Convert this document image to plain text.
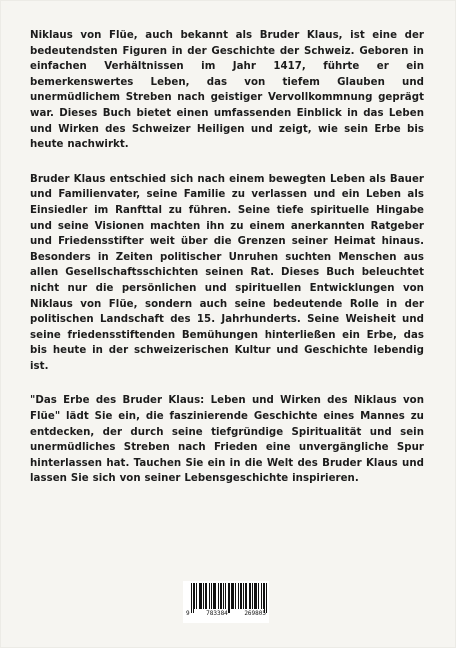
Niklaus von Flüe, auch bekannt als Bruder Klaus, ist eine der bedeutendsten Figuren in der Geschichte der Schweiz. Geboren in einfachen Verhältnissen im Jahr 1417, führte er ein bemerkenswertes Leben, das von tiefem Glauben und unermüdlichem Streben nach geistiger Vervollkommnung geprägt war. Dieses Buch bietet einen umfassenden Einblick in das Leben und Wirken des Schweizer Heiligen und zeigt, wie sein Erbe bis heute nachwirkt.

Bruder Klaus entschied sich nach einem bewegten Leben als Bauer und Familienvater, seine Familie zu verlassen und ein Leben als Einsiedler im Ranfttal zu führen. Seine tiefe spirituelle Hingabe und seine Visionen machten ihn zu einem anerkannten Ratgeber und Friedensstifter weit über die Grenzen seiner Heimat hinaus. Besonders in Zeiten politischer Unruhen suchten Menschen aus allen Gesellschaftsschichten seinen Rat. Dieses Buch beleuchtet nicht nur die persönlichen und spirituellen Entwicklungen von Niklaus von Flüe, sondern auch seine bedeutende Rolle in der politischen Landschaft des 15. Jahrhunderts. Seine Weisheit und seine friedensstiftenden Bemühungen hinterließen ein Erbe, das bis heute in der schweizerischen Kultur und Geschichte lebendig ist.

"Das Erbe des Bruder Klaus: Leben und Wirken des Niklaus von Flüe" lädt Sie ein, die faszinierende Geschichte eines Mannes zu entdecken, der durch seine tiefgründige Spiritualität und sein unermüdliches Streben nach Frieden eine unvergängliche Spur hinterlassen hat. Tauchen Sie ein in die Welt des Bruder Klaus und lassen Sie sich von seiner Lebensgeschichte inspirieren.

9	783384	269805
